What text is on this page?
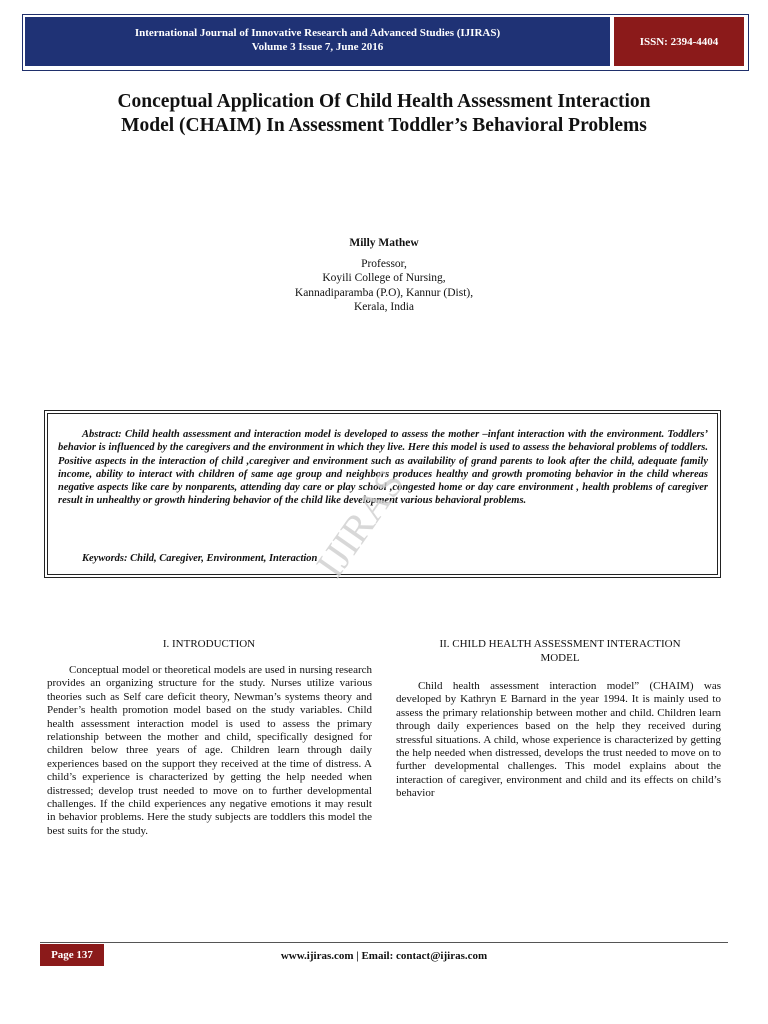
International Journal of Innovative Research and Advanced Studies (IJIRAS)
Volume 3 Issue 7, June 2016	ISSN: 2394-4404
Conceptual Application Of Child Health Assessment Interaction
Model (CHAIM) In Assessment Toddler’s Behavioral Problems
Milly Mathew
Professor,
Koyili College of Nursing,
Kannadiparamba (P.O), Kannur (Dist),
Kerala, India
Abstract: Child health assessment and interaction model is developed to assess the mother –infant interaction with the environment. Toddlers’ behavior is influenced by the caregivers and the environment in which they live. Here this model is used to assess the behavioral problems of toddlers. Positive aspects in the interaction of child ,caregiver and environment such as availability of grand parents to look after the child, adequate family income, ability to interact with children of same age group and neighbors produces healthy and growth promoting behavior in the child whereas negative aspects like care by nonparents, attending day care or play school ,congested home or day care environment , health problems of caregiver result in unhealthy or growth hindering behavior of the child like development various behavioral problems.
Keywords: Child, Caregiver, Environment, Interaction
IJIRAS
I. INTRODUCTION

Conceptual model or theoretical models are used in nursing research provides an organizing structure for the study. Nurses utilize various theories such as Self care deficit theory, Newman’s systems theory and Pender’s health promotion model based on the study variables. Child health assessment interaction model is used to assess the primary relationship between the mother and child, specifically designed for children below three years of age. Children learn through daily experiences based on the support they received at the time of distress. A child’s experience is characterized by getting the help needed when distressed; develop trust needed to move on to further developmental challenges. If the child experiences any negative emotions it may result in behavior problems. Here the study subjects are toddlers this model the best suits for the study.

II. CHILD HEALTH ASSESSMENT INTERACTION
MODEL

Child health assessment interaction model” (CHAIM) was developed by Kathryn E Barnard in the year 1994. It is mainly used to assess the primary relationship between mother and child. Children learn through daily experiences based on the help they received during stressful situations. A child, whose experience is characterized by getting the help needed when distressed, develops the trust needed to move on to further developmental challenges. This model explains about the interaction of caregiver, environment and child and its effects on child’s behavior

Page 137	www.ijiras.com | Email: contact@ijiras.com
